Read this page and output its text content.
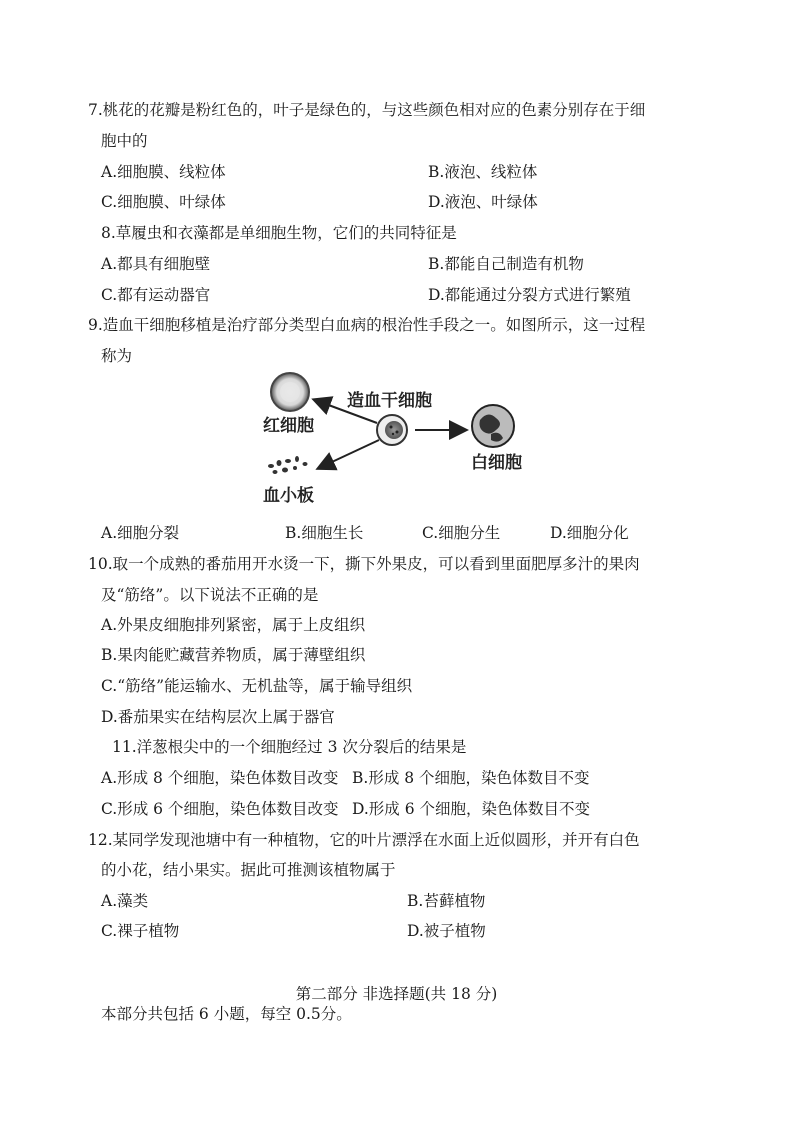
7.桃花的花瓣是粉红色的，叶子是绿色的，与这些颜色相对应的色素分别存在于细
胞中的
A.细胞膜、线粒体	B.液泡、线粒体
C.细胞膜、叶绿体	D.液泡、叶绿体
8.草履虫和衣藻都是单细胞生物，它们的共同特征是
A.都具有细胞壁	B.都能自己制造有机物
C.都有运动器官	D.都能通过分裂方式进行繁殖
9.造血干细胞移植是治疗部分类型白血病的根治性手段之一。如图所示，这一过程
称为
红细胞
造血干细胞
白细胞
血小板
A.细胞分裂	B.细胞生长	C.细胞分生	D.细胞分化
10.取一个成熟的番茄用开水烫一下，撕下外果皮，可以看到里面肥厚多汁的果肉
及“筋络”。以下说法不正确的是
A.外果皮细胞排列紧密，属于上皮组织
B.果肉能贮藏营养物质，属于薄壁组织
C.“筋络”能运输水、无机盐等，属于输导组织
D.番茄果实在结构层次上属于器官
11.洋葱根尖中的一个细胞经过 3 次分裂后的结果是
A.形成 8 个细胞，染色体数目改变 B.形成 8 个细胞，染色体数目不变
C.形成 6 个细胞，染色体数目改变 D.形成 6 个细胞，染色体数目不变
12.某同学发现池塘中有一种植物，它的叶片漂浮在水面上近似圆形，并开有白色
的小花，结小果实。据此可推测该植物属于
A.藻类	B.苔藓植物
C.裸子植物	D.被子植物
第二部分 非选择题(共 18 分)
本部分共包括 6 小题，每空 0.5分。
